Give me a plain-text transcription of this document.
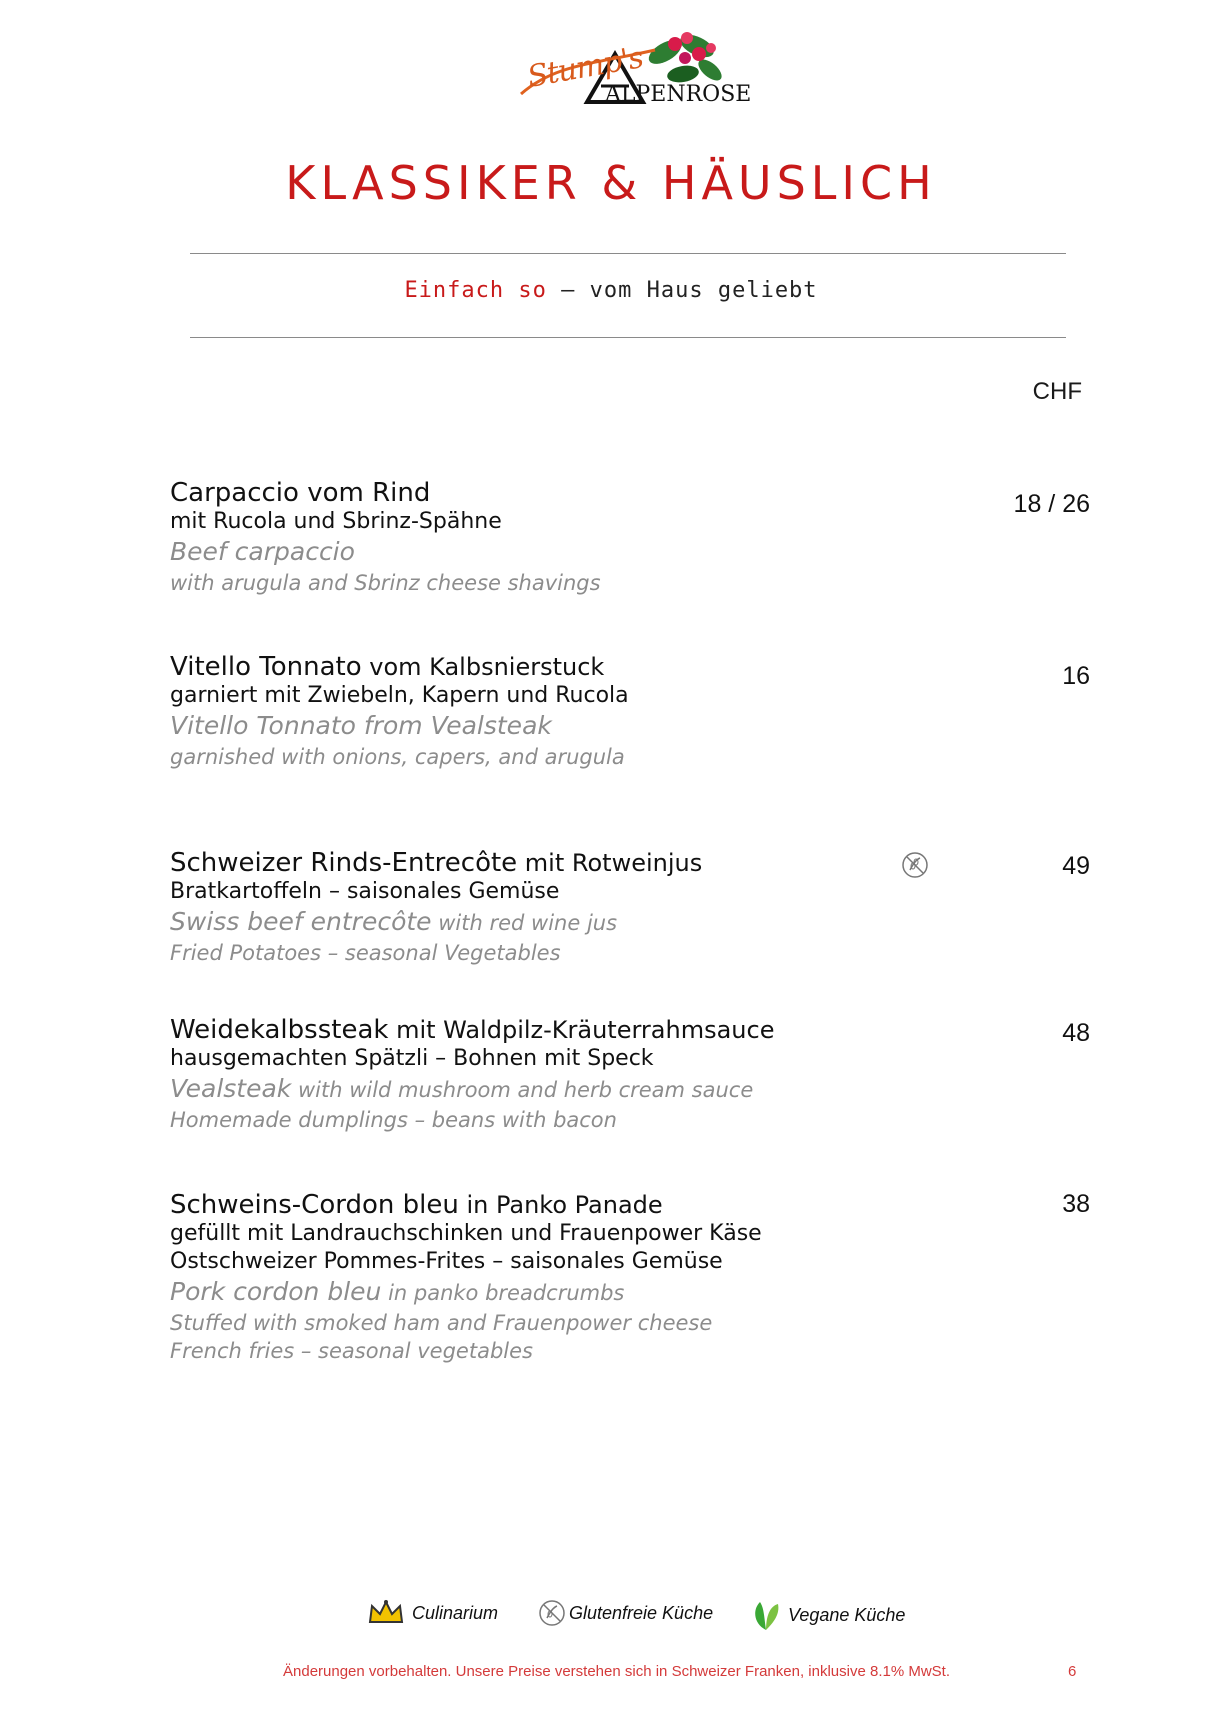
Stump's
ALPENROSE
KLASSIKER & HÄUSLICH
Einfach so – vom Haus geliebt
CHF
Carpaccio vom Rind
mit Rucola und Sbrinz-Spähne
Beef carpaccio
with arugula and Sbrinz cheese shavings
18 / 26
Vitello Tonnato vom Kalbsnierstuck
garniert mit Zwiebeln, Kapern und Rucola
Vitello Tonnato from Vealsteak
garnished with onions, capers, and arugula
16
Schweizer Rinds-Entrecôte mit Rotweinjus
Bratkartoffeln – saisonales Gemüse
Swiss beef entrecôte with red wine jus
Fried Potatoes – seasonal Vegetables
49
Weidekalbssteak mit Waldpilz-Kräuterrahmsauce
hausgemachten Spätzli – Bohnen mit Speck
Vealsteak with wild mushroom and herb cream sauce
Homemade dumplings – beans with bacon
48
Schweins-Cordon bleu in Panko Panade
gefüllt mit Landrauchschinken und Frauenpower Käse
Ostschweizer Pommes-Frites – saisonales Gemüse
Pork cordon bleu in panko breadcrumbs
Stuffed with smoked ham and Frauenpower cheese
French fries – seasonal vegetables
38
Culinarium	Glutenfreie Küche	Vegane Küche
Änderungen vorbehalten. Unsere Preise verstehen sich in Schweizer Franken, inklusive 8.1% MwSt.	6
